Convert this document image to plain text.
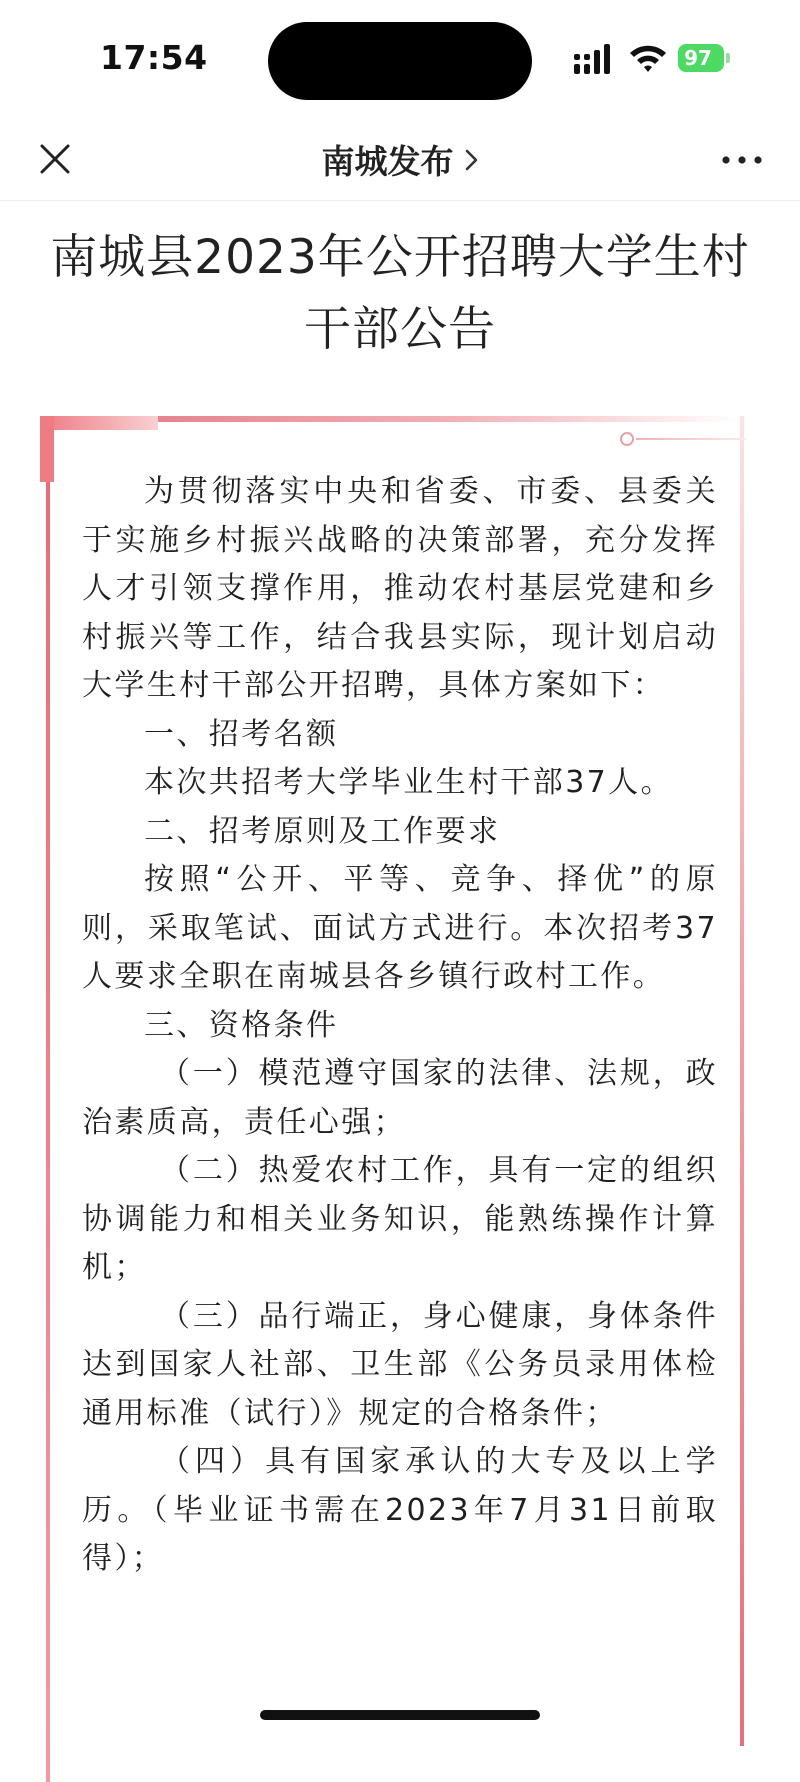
17:54	97
南城发布
南城县2023年公开招聘大学生村
干部公告

为贯彻落实中央和省委、市委、县委关于实施乡村振兴战略的决策部署，充分发挥人才引领支撑作用，推动农村基层党建和乡村振兴等工作，结合我县实际，现计划启动大学生村干部公开招聘，具体方案如下：

一、招考名额

本次共招考大学毕业生村干部37人。

二、招考原则及工作要求

按照“公开、平等、竞争、择优”的原则，采取笔试、面试方式进行。本次招考37人要求全职在南城县各乡镇行政村工作。

三、资格条件

（一）模范遵守国家的法律、法规，政治素质高，责任心强；

（二）热爱农村工作，具有一定的组织协调能力和相关业务知识，能熟练操作计算机；

（三）品行端正，身心健康，身体条件达到国家人社部、卫生部《公务员录用体检通用标准（试行）》规定的合格条件；

（四）具有国家承认的大专及以上学历。（毕业证书需在2023年7月31日前取得）；
